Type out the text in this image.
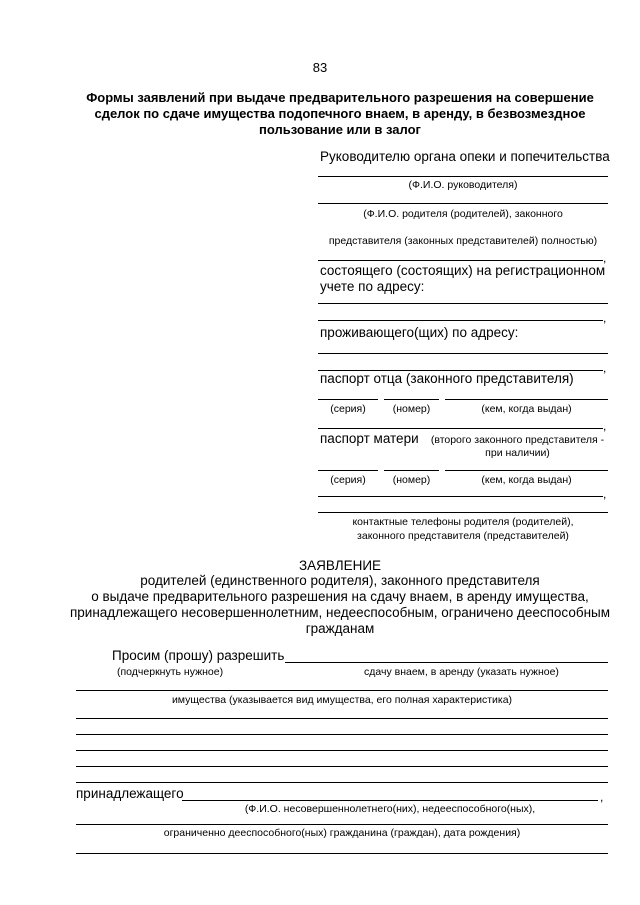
83
Формы заявлений при выдаче предварительного разрешения на совершение
сделок по сдаче имущества подопечного внаем, в аренду, в безвозмездное
пользование или в залог
Руководителю органа опеки и попечительства
(Ф.И.О. руководителя)
(Ф.И.О. родителя (родителей), законного
представителя (законных представителей) полностью)
,
состоящего (состоящих) на регистрационном
учете по адресу:
,
проживающего(щих) по адресу:
,
паспорт отца (законного представителя)
(серия)	(номер)	(кем, когда выдан)
,
паспорт матери	(второго законного представителя -
при наличии)
(серия)	(номер)	(кем, когда выдан)
,
контактные телефоны родителя (родителей),
законного представителя (представителей)
ЗАЯВЛЕНИЕ
родителей (единственного родителя), законного представителя
о выдаче предварительного разрешения на сдачу внаем, в аренду имущества,
принадлежащего несовершеннолетним, недееспособным, ограничено дееспособным
гражданам
Просим (прошу) разрешить
(подчеркнуть нужное)	сдачу внаем, в аренду (указать нужное)
имущества (указывается вид имущества, его полная характеристика)
принадлежащего	,
(Ф.И.О. несовершеннолетнего(них), недееспособного(ных),
ограниченно дееспособного(ных) гражданина (граждан), дата рождения)
